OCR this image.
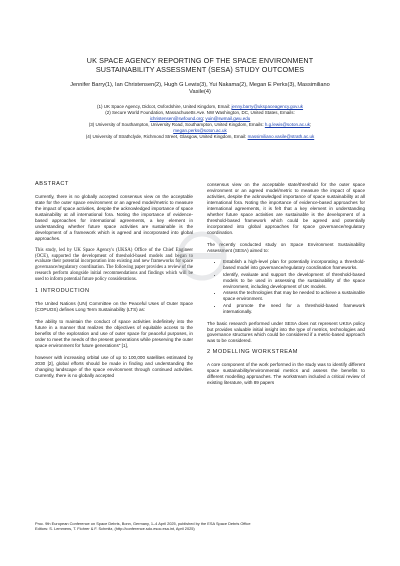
UK SPACE AGENCY REPORTING OF THE SPACE ENVIRONMENT
SUSTAINABILITY ASSESSMENT (SESA) STUDY OUTCOMES
Jennifer Barry(1), Ian Christensen(2), Hugh G Lewis(3), Yui Nakama(2), Megan E Perks(3), Massimiliano
Vasile(4)
(1) UK Space Agency, Didcot, Oxfordshire, United Kingdom, Email: jenny.barry@ukspaceagency.gov.uk
(2) Secure World Foundation, Massachusetts Ave. NW Washington, DC, United States, Emails:
ichristensen@swfound.org; yuin@swmail.gwu.edu
(3) University of Southampton, University Road, Southampton, United Kingdom, Emails: h.g.lewis@soton.ac.uk;
megan.perks@soton.ac.uk
(4) University of Strathclyde, Richmond Street, Glasgow, United Kingdom, Email: massimiliano.vasile@strath.ac.uk
ABSTRACT

Currently, there is no globally accepted consensus view on the acceptable state for the outer space environment or an agreed model/metric to measure the impact of space activities, despite the acknowledged importance of space sustainability at all international fora. Noting the importance of evidence-based approaches for international agreements, a key element in understanding whether future space activities are sustainable is the development of a framework which is agreed and incorporated into global approaches.

This study, led by UK Space Agency's (UKSA) Office of the Chief Engineer (OCE), supported the development of threshold-based models and began to evaluate their potential incorporation into existing and new frameworks for space governance/regulatory coordination. The following paper provides a review of the research perform alongside initial recommendations and findings which will be used to inform potential future policy considerations.

1 INTRODUCTION

The United Nations (UN) Committee on the Peaceful Uses of Outer Space (COPUOS) defines Long Term Sustainability (LTS) as:

"the ability to maintain the conduct of space activities indefinitely into the future in a manner that realizes the objectives of equitable access to the benefits of the exploration and use of outer space for peaceful purposes, in order to meet the needs of the present generations while preserving the outer space environment for future generations" [1],

however with increasing orbital use of up to 100,000 satellites estimated by 2030 [2], global efforts should be made in finding and understanding the changing landscape of the space environment through continued activities. Currently, there is no globally accepted

consensus view on the acceptable state/threshold for the outer space environment or an agreed model/metric to measure the impact of space activities, despite the acknowledged importance of space sustainability at all international fora. Noting the importance of evidence-based approaches for international agreements, it is felt that a key element in understanding whether future space activities are sustainable is the development of a threshold-based framework which could be agreed and potentially incorporated into global approaches for space governance/regulatory coordination.

The recently conducted study on Space Environment Sustainability Assessment (SESA) aimed to:

• Establish a high-level plan for potentially incorporating a threshold-based model into governance/regulatory coordination frameworks.
• Identify, evaluate and support the development of threshold-based models to be used in assessing the sustainability of the space environment, including development of UK models.
• Assess the technologies that may be needed to achieve a sustainable space environment.
• And promote the need for a threshold-based framework internationally.

The basic research performed under SESA does not represent UKSA policy but provides valuable initial insight into the type of metrics, technologies and governance structures which could be considered if a metric-based approach was to be considered.

2 MODELLING WORKSTREAM

A core component of the work performed in the study was to identify different space sustainability/environmental metrics and assess the benefits to different modelling approaches. The workstream included a critical review of existing literature, with 89 papers

Proc. 9th European Conference on Space Debris, Bonn, Germany, 1–4 April 2025, published by the ESA Space Debris Office
Editors: S. Lemmens, T. Flohrer & F. Schmitz, (http://conference.sdo.esoc.esa.int, April 2025)
